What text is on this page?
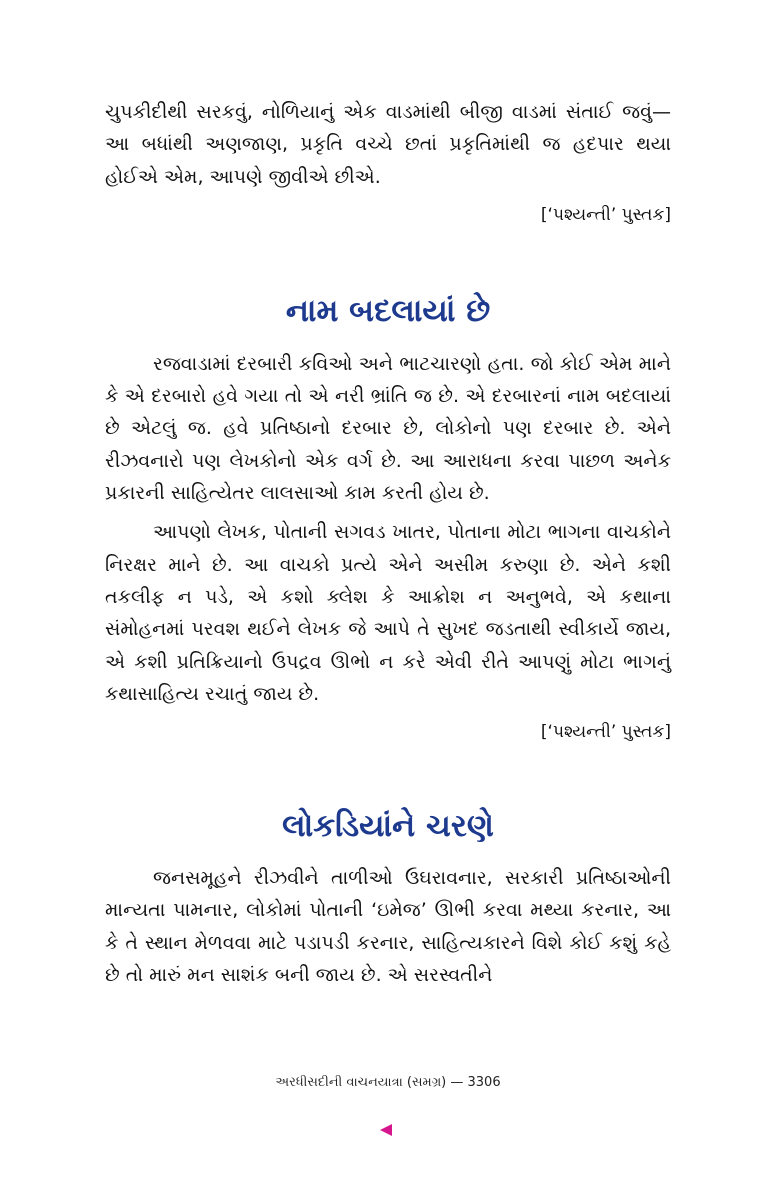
ચુપકીદીથી સરકવું, નોળિયાનું એક વાડમાંથી બીજી વાડમાં સંતાઈ જવું—આ બધાંથી અણજાણ, પ્રકૃતિ વચ્ચે છતાં પ્રકૃતિમાંથી જ હદપાર થયા હોઈએ એમ, આપણે જીવીએ છીએ.

[‘પશ્યન્તી’ પુસ્તક]
નામ બદલાયાં છે

રજવાડામાં દરબારી કવિઓ અને ભાટચારણો હતા. જો કોઈ એમ માને કે એ દરબારો હવે ગયા તો એ નરી ભ્રાંતિ જ છે. એ દરબારનાં નામ બદલાયાં છે એટલું જ. હવે પ્રતિષ્ઠાનો દરબાર છે, લોકોનો પણ દરબાર છે. એને રીઝવનારો પણ લેખકોનો એક વર્ગ છે. આ આરાધના કરવા પાછળ અનેક પ્રકારની સાહિત્યેતર લાલસાઓ કામ કરતી હોય છે.

આપણો લેખક, પોતાની સગવડ ખાતર, પોતાના મોટા ભાગના વાચકોને નિરક્ષર માને છે. આ વાચકો પ્રત્યે એને અસીમ કરુણા છે. એને કશી તકલીફ ન પડે, એ કશો ક્લેશ કે આક્રોશ ન અનુભવે, એ કથાના સંમોહનમાં પરવશ થઈને લેખક જે આપે તે સુખદ જડતાથી સ્વીકાર્યે જાય, એ કશી પ્રતિક્રિયાનો ઉપદ્રવ ઊભો ન કરે એવી રીતે આપણું મોટા ભાગનું કથાસાહિત્ય રચાતું જાય છે.

[‘પશ્યન્તી’ પુસ્તક]
લોકડિયાંને ચરણે

જનસમૂહને રીઝવીને તાળીઓ ઉઘરાવનાર, સરકારી પ્રતિષ્ઠાઓની માન્યતા પામનાર, લોકોમાં પોતાની ‘ઇમેજ’ ઊભી કરવા મથ્યા કરનાર, આ કે તે સ્થાન મેળવવા માટે પડાપડી કરનાર, સાહિત્યકારને વિશે કોઈ કશું કહે છે તો મારું મન સાશંક બની જાય છે. એ સરસ્વતીને

અરધીસદીની વાચનયાત્રા (સમગ્ર) — 3306
